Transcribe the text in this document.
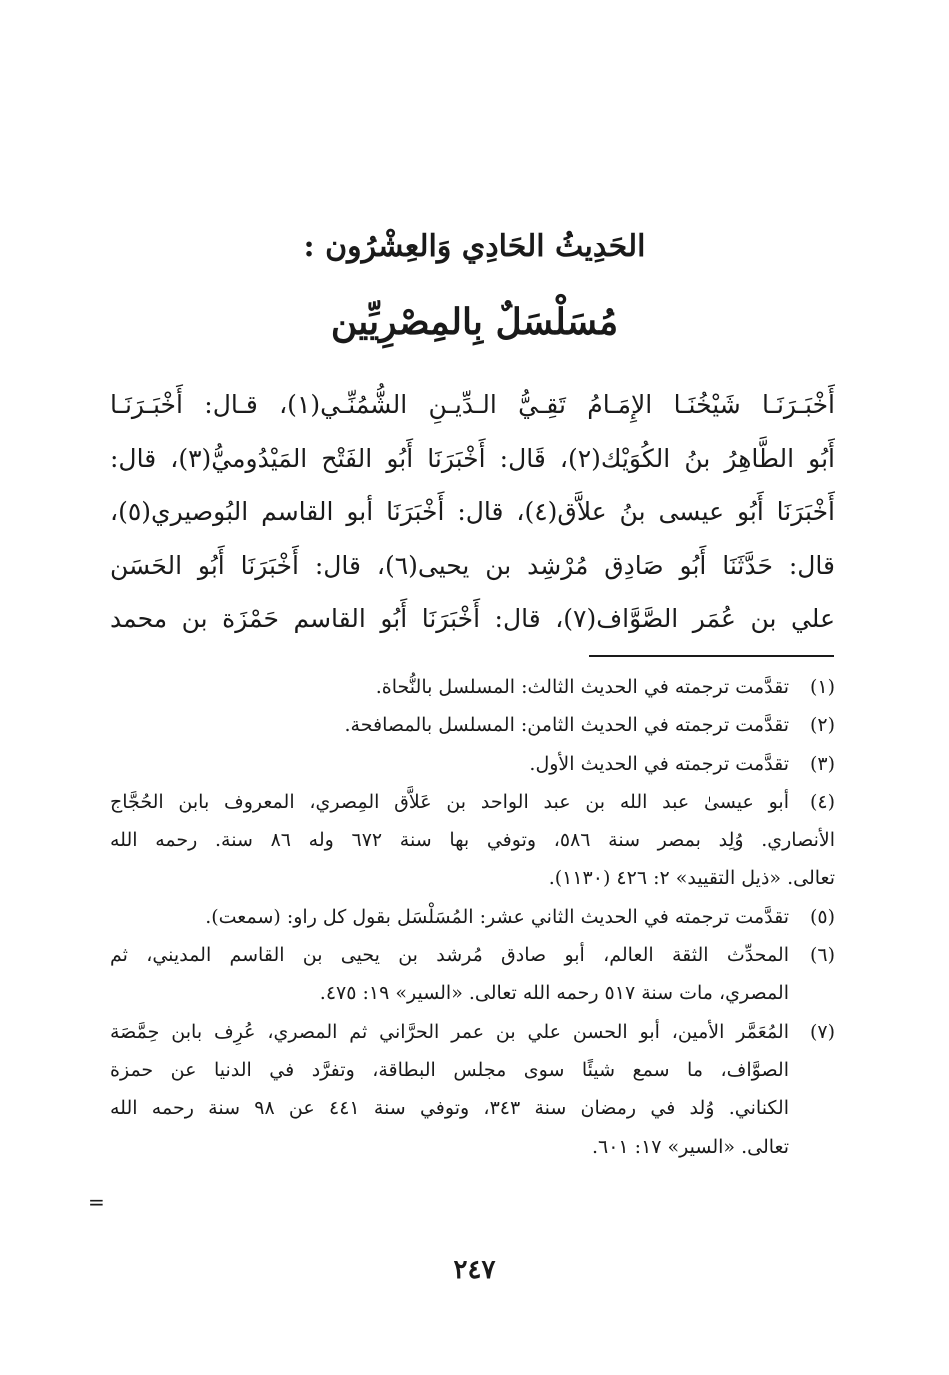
الحَدِيثُ الحَادِي وَالعِشْرُون :
مُسَلْسَلٌ بِالمِصْرِيِّين
أَخْبَـرَنَـا شَيْخُنَـا الإِمَـامُ تَقِـيُّ الـدِّيـنِ الشُّمُنِّـي(١)، قـال: أَخْبَـرَنَـا
أَبُو الطَّاهِرُ بنُ الكُوَيْك(٢)، قَال: أَخْبَرَنَا أَبُو الفَتْح المَيْدُوميُّ(٣)، قال:
أَخْبَرَنَا أَبُو عيسى بنُ علاَّق(٤)، قال: أَخْبَرَنَا أبو القاسم البُوصيري(٥)،
قال: حَدَّثَنَا أَبُو صَادِق مُرْشِد بن يحيى(٦)، قال: أَخْبَرَنَا أَبُو الحَسَن
علي بن عُمَر الصَّوَّاف(٧)، قال: أَخْبَرَنَا أَبُو القاسم حَمْزَة بن محمد
(١)
تقدَّمت ترجمته في الحديث الثالث: المسلسل بالنُّحاة.
(٢)
تقدَّمت ترجمته في الحديث الثامن: المسلسل بالمصافحة.
(٣)
تقدَّمت ترجمته في الحديث الأول.
(٤)
أبو عيسىٰ عبد الله بن عبد الواحد بن عَلاَّق المِصري، المعروف بابن الحُجَّاج
الأنصاري. وُلِد بمصر سنة ٥٨٦، وتوفي بها سنة ٦٧٢ وله ٨٦ سنة. رحمه الله
تعالى. «ذيل التقييد» ٢: ٤٢٦ (١١٣٠).
(٥)
تقدَّمت ترجمته في الحديث الثاني عشر: المُسَلْسَل بقول كل راو: (سمعت).
(٦)
المحدِّث الثقة العالم، أبو صادق مُرشد بن يحيى بن القاسم المديني، ثم
المصري، مات سنة ٥١٧ رحمه الله تعالى. «السير» ١٩: ٤٧٥.
(٧)
المُعَمَّر الأمين، أبو الحسن علي بن عمر الحرَّاني ثم المصري، عُرِف بابن حِمَّصَة
الصوَّاف، ما سمع شيئًا سوى مجلس البطاقة، وتفرَّد في الدنيا عن حمزة
الكناني. وُلد في رمضان سنة ٣٤٣، وتوفي سنة ٤٤١ عن ٩٨ سنة رحمه الله
تعالى. «السير» ١٧: ٦٠١.
=

٢٤٧
